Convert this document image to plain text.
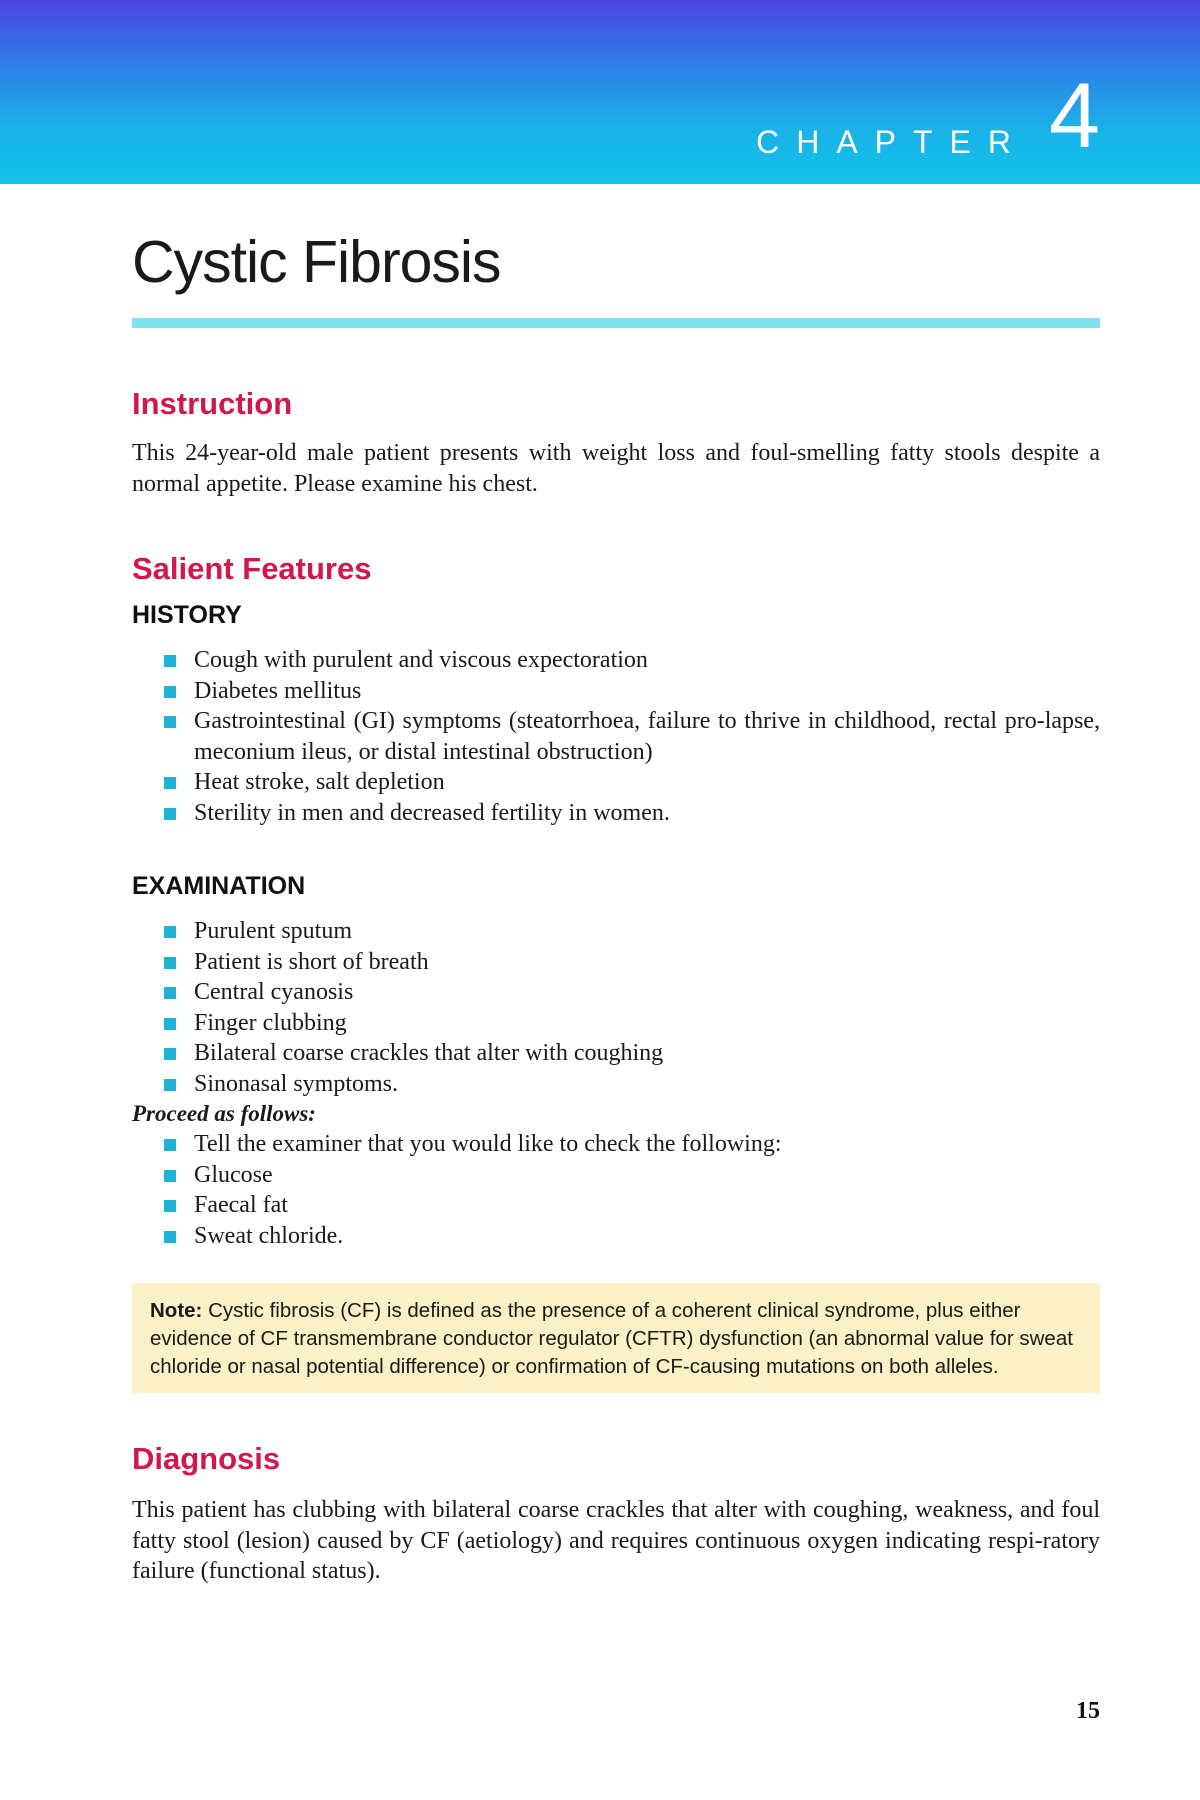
CHAPTER 4
Cystic Fibrosis
Instruction

This 24-year-old male patient presents with weight loss and foul-smelling fatty stools despite a normal appetite. Please examine his chest.

Salient Features
HISTORY
Cough with purulent and viscous expectoration
Diabetes mellitus
Gastrointestinal (GI) symptoms (steatorrhoea, failure to thrive in childhood, rectal pro-lapse, meconium ileus, or distal intestinal obstruction)
Heat stroke, salt depletion
Sterility in men and decreased fertility in women.
EXAMINATION
Purulent sputum
Patient is short of breath
Central cyanosis
Finger clubbing
Bilateral coarse crackles that alter with coughing
Sinonasal symptoms.

Proceed as follows:

Tell the examiner that you would like to check the following:
Glucose
Faecal fat
Sweat chloride.
Note: Cystic fibrosis (CF) is defined as the presence of a coherent clinical syndrome, plus either evidence of CF transmembrane conductor regulator (CFTR) dysfunction (an abnormal value for sweat chloride or nasal potential difference) or confirmation of CF-causing mutations on both alleles.
Diagnosis

This patient has clubbing with bilateral coarse crackles that alter with coughing, weakness, and foul fatty stool (lesion) caused by CF (aetiology) and requires continuous oxygen indicating respi-ratory failure (functional status).

15
